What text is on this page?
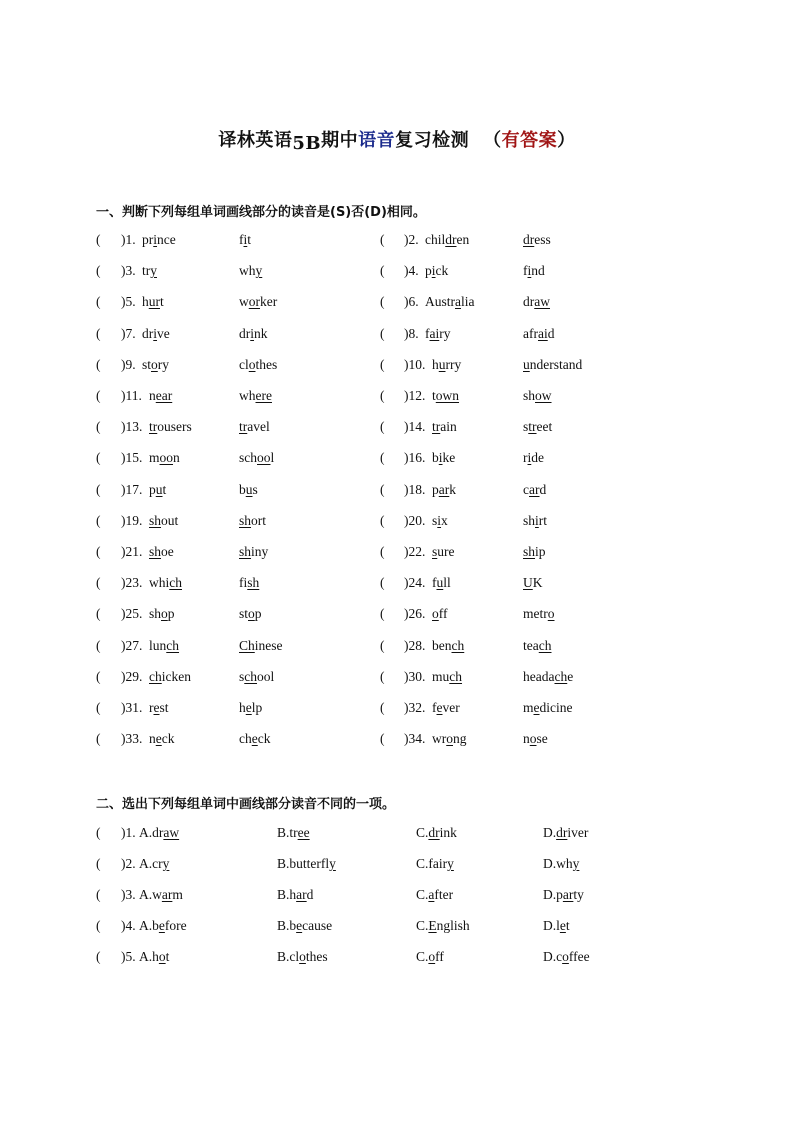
译林英语5B期中语音复习检测 （有答案）
一、判断下列每组单词画线部分的读音是(S)否(D)相同。
( )1. prince	fit	( )2. children	dress
( )3. try	why	( )4. pick	find
( )5. hurt	worker	( )6. Australia	draw
( )7. drive	drink	( )8. fairy	afraid
( )9. story	clothes	( )10. hurry	understand
( )11. near	where	( )12. town	show
( )13. trousers	travel	( )14. train	street
( )15. moon	school	( )16. bike	ride
( )17. put	bus	( )18. park	card
( )19. shout	short	( )20. six	shirt
( )21. shoe	shiny	( )22. sure	ship
( )23. which	fish	( )24. full	UK
( )25. shop	stop	( )26. off	metro
( )27. lunch	Chinese	( )28. bench	teach
( )29. chicken	school	( )30. much	headache
( )31. rest	help	( )32. fever	medicine
( )33. neck	check	( )34. wrong	nose
二、选出下列每组单词中画线部分读音不同的一项。
( )1. A.draw	B.tree	C.drink	D.driver
( )2. A.cry	B.butterfly	C.fairy	D.why
( )3. A.warm	B.hard	C.after	D.party
( )4. A.before	B.because	C.English	D.let
( )5. A.hot	B.clothes	C.off	D.coffee
